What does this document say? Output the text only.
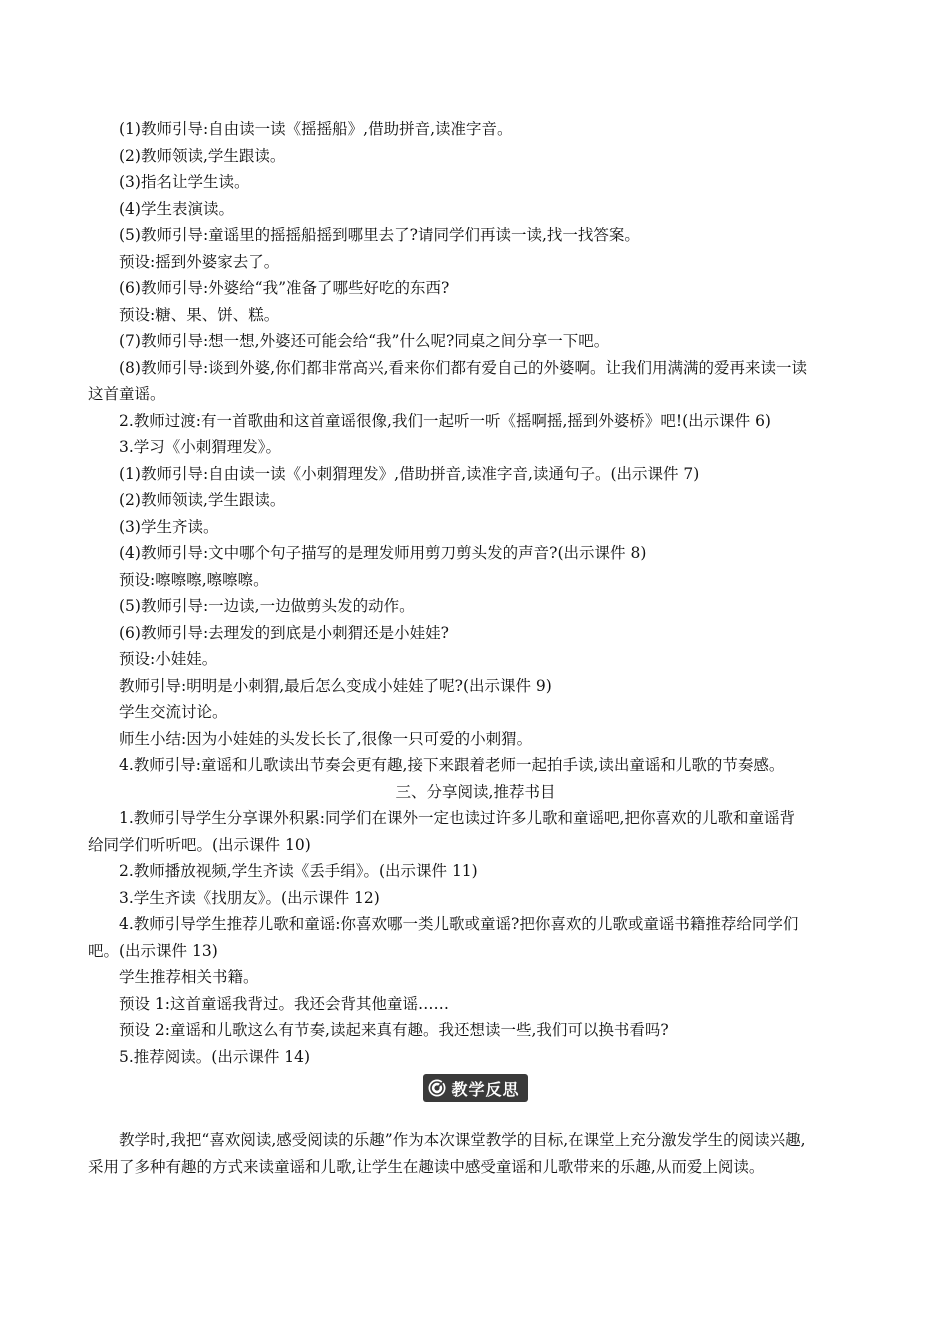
(1)教师引导:自由读一读《摇摇船》,借助拼音,读准字音。
(2)教师领读,学生跟读。
(3)指名让学生读。
(4)学生表演读。
(5)教师引导:童谣里的摇摇船摇到哪里去了?请同学们再读一读,找一找答案。
预设:摇到外婆家去了。
(6)教师引导:外婆给“我”准备了哪些好吃的东西?
预设:糖、果、饼、糕。
(7)教师引导:想一想,外婆还可能会给“我”什么呢?同桌之间分享一下吧。
(8)教师引导:谈到外婆,你们都非常高兴,看来你们都有爱自己的外婆啊。让我们用满满的爱再来读一读
这首童谣。
2.教师过渡:有一首歌曲和这首童谣很像,我们一起听一听《摇啊摇,摇到外婆桥》吧!(出示课件 6)
3.学习《小刺猬理发》。
(1)教师引导:自由读一读《小刺猬理发》,借助拼音,读准字音,读通句子。(出示课件 7)
(2)教师领读,学生跟读。
(3)学生齐读。
(4)教师引导:文中哪个句子描写的是理发师用剪刀剪头发的声音?(出示课件 8)
预设:嚓嚓嚓,嚓嚓嚓。
(5)教师引导:一边读,一边做剪头发的动作。
(6)教师引导:去理发的到底是小刺猬还是小娃娃?
预设:小娃娃。
教师引导:明明是小刺猬,最后怎么变成小娃娃了呢?(出示课件 9)
学生交流讨论。
师生小结:因为小娃娃的头发长长了,很像一只可爱的小刺猬。
4.教师引导:童谣和儿歌读出节奏会更有趣,接下来跟着老师一起拍手读,读出童谣和儿歌的节奏感。
三、分享阅读,推荐书目
1.教师引导学生分享课外积累:同学们在课外一定也读过许多儿歌和童谣吧,把你喜欢的儿歌和童谣背
给同学们听听吧。(出示课件 10)
2.教师播放视频,学生齐读《丢手绢》。(出示课件 11)
3.学生齐读《找朋友》。(出示课件 12)
4.教师引导学生推荐儿歌和童谣:你喜欢哪一类儿歌或童谣?把你喜欢的儿歌或童谣书籍推荐给同学们
吧。(出示课件 13)
学生推荐相关书籍。
预设 1:这首童谣我背过。我还会背其他童谣……
预设 2:童谣和儿歌这么有节奏,读起来真有趣。我还想读一些,我们可以换书看吗?
5.推荐阅读。(出示课件 14)
教学反思
教学时,我把“喜欢阅读,感受阅读的乐趣”作为本次课堂教学的目标,在课堂上充分激发学生的阅读兴趣,
采用了多种有趣的方式来读童谣和儿歌,让学生在趣读中感受童谣和儿歌带来的乐趣,从而爱上阅读。
